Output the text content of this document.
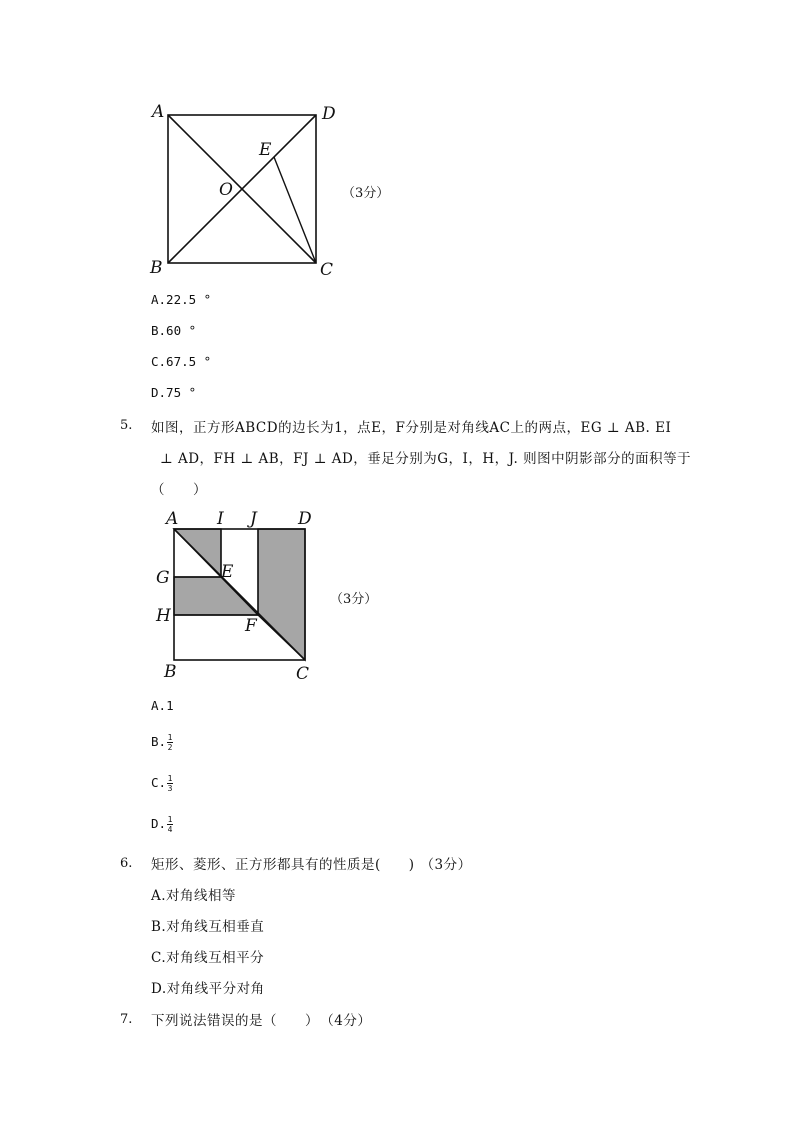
A	D
E
O
B	C
（3分）
A.22.5 °
B.60 °
C.67.5 °
D.75 °
5. 如图，正方形ABCD的边长为1，点E，F分别是对角线AC上的两点，EG ⊥ AB. EI
⊥ AD，FH ⊥ AB，FJ ⊥ AD，垂足分别为G，I，H，J. 则图中阴影部分的面积等于
（　　）
A I J D
G	E
H	F
B	C
（3分）
A.1
B. $\frac{1}{2}$
C. $\frac{1}{3}$
D. $\frac{1}{4}$
6. 矩形、菱形、正方形都具有的性质是(　　) （3分）
A.对角线相等
B.对角线互相垂直
C.对角线互相平分
D.对角线平分对角
7. 下列说法错误的是（　　） （4分）
